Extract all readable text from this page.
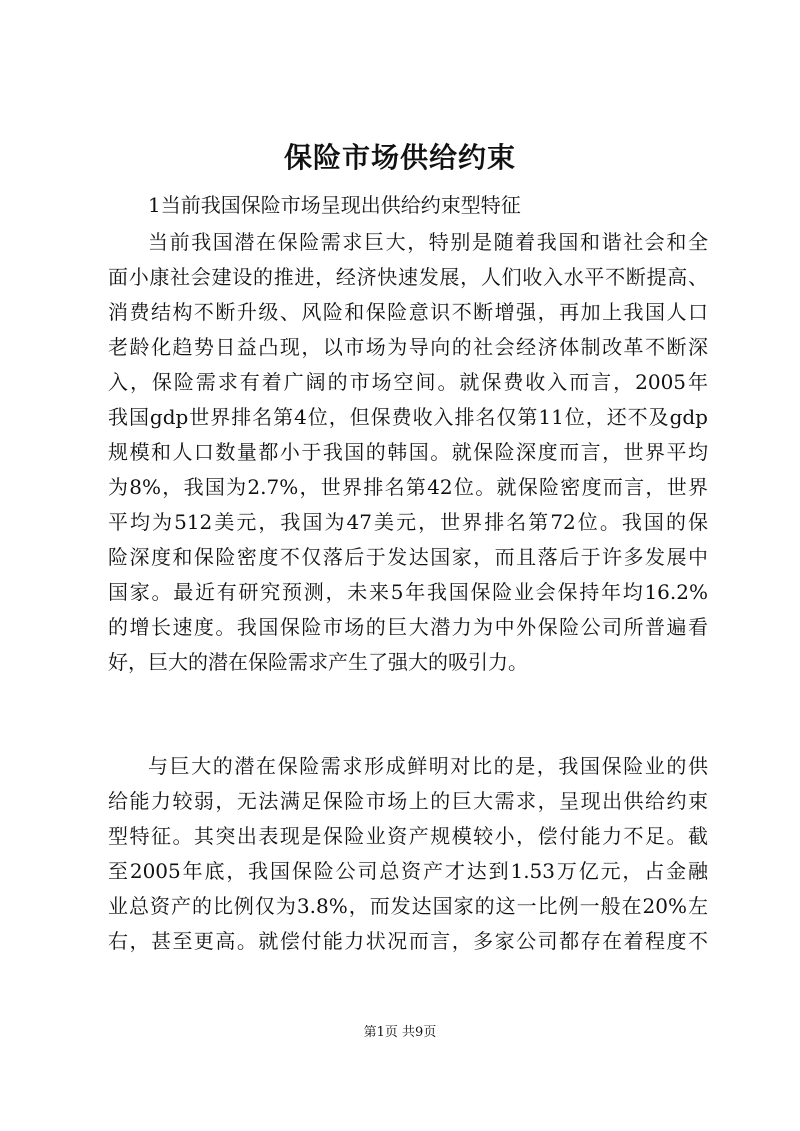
保险市场供给约束
1当前我国保险市场呈现出供给约束型特征
当前我国潜在保险需求巨大，特别是随着我国和谐社会和全
面小康社会建设的推进，经济快速发展，人们收入水平不断提高、
消费结构不断升级、风险和保险意识不断增强，再加上我国人口
老龄化趋势日益凸现，以市场为导向的社会经济体制改革不断深
入，保险需求有着广阔的市场空间。就保费收入而言，2005年
我国gdp世界排名第4位，但保费收入排名仅第11位，还不及gdp
规模和人口数量都小于我国的韩国。就保险深度而言，世界平均
为8%，我国为2.7%，世界排名第42位。就保险密度而言，世界
平均为512美元，我国为47美元，世界排名第72位。我国的保
险深度和保险密度不仅落后于发达国家，而且落后于许多发展中
国家。最近有研究预测，未来5年我国保险业会保持年均16.2%
的增长速度。我国保险市场的巨大潜力为中外保险公司所普遍看
好，巨大的潜在保险需求产生了强大的吸引力。
与巨大的潜在保险需求形成鲜明对比的是，我国保险业的供
给能力较弱，无法满足保险市场上的巨大需求，呈现出供给约束
型特征。其突出表现是保险业资产规模较小，偿付能力不足。截
至2005年底，我国保险公司总资产才达到1.53万亿元，占金融
业总资产的比例仅为3.8%，而发达国家的这一比例一般在20%左
右，甚至更高。就偿付能力状况而言，多家公司都存在着程度不
第1页 共9页
